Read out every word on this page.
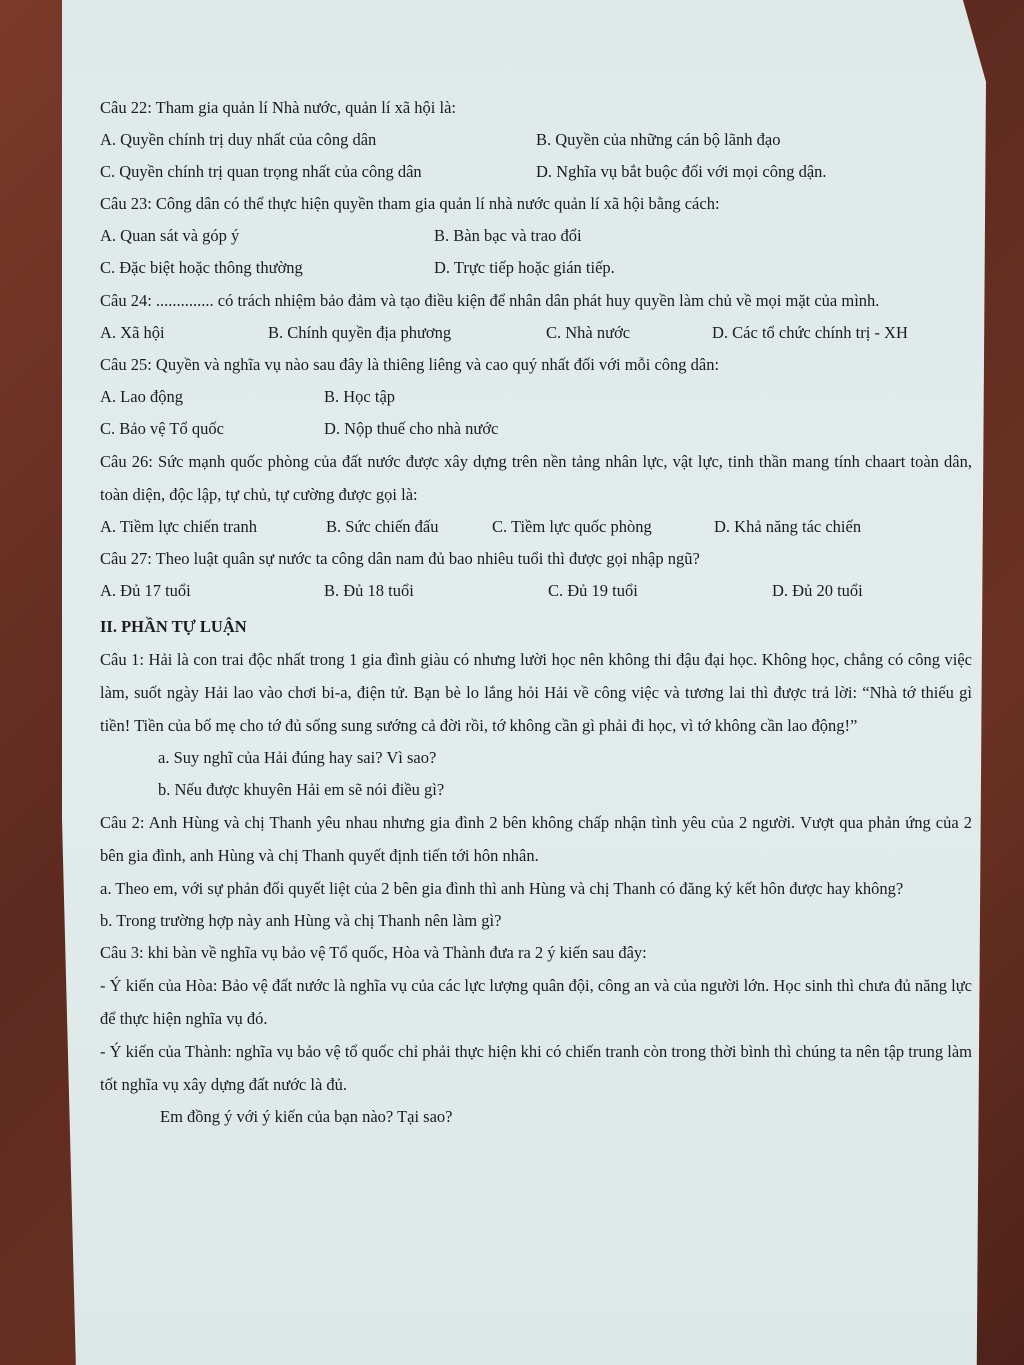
Câu 22: Tham gia quản lí Nhà nước, quản lí xã hội là:

A. Quyền chính trị duy nhất của công dân	B. Quyền của những cán bộ lãnh đạo
C. Quyền chính trị quan trọng nhất của công dân	D. Nghĩa vụ bắt buộc đối với mọi công dận.

Câu 23: Công dân có thể thực hiện quyền tham gia quản lí nhà nước quản lí xã hội bằng cách:

A. Quan sát và góp ý	B. Bàn bạc và trao đổi
C. Đặc biệt hoặc thông thường	D. Trực tiếp hoặc gián tiếp.

Câu 24: .............. có trách nhiệm bảo đảm và tạo điều kiện để nhân dân phát huy quyền làm chủ về mọi mặt của mình.

A. Xã hội	B. Chính quyền địa phương	C. Nhà nước	D. Các tổ chức chính trị - XH

Câu 25: Quyền và nghĩa vụ nào sau đây là thiêng liêng và cao quý nhất đối với mỗi công dân:

A. Lao động	B. Học tập
C. Bảo vệ Tổ quốc	D. Nộp thuế cho nhà nước

Câu 26: Sức mạnh quốc phòng của đất nước được xây dựng trên nền tảng nhân lực, vật lực, tinh thần mang tính chaart toàn dân, toàn diện, độc lập, tự chủ, tự cường được gọi là:

A. Tiềm lực chiến tranh	B. Sức chiến đấu	C. Tiềm lực quốc phòng	D. Khả năng tác chiến

Câu 27: Theo luật quân sự nước ta công dân nam đủ bao nhiêu tuổi thì được gọi nhập ngũ?

A. Đủ 17 tuổi	B. Đủ 18 tuổi	C. Đủ 19 tuổi	D. Đủ 20 tuổi

II. PHẦN TỰ LUẬN

Câu 1: Hải là con trai độc nhất trong 1 gia đình giàu có nhưng lười học nên không thi đậu đại học. Không học, chẳng có công việc làm, suốt ngày Hải lao vào chơi bi-a, điện tử. Bạn bè lo lắng hỏi Hải về công việc và tương lai thì được trả lời: “Nhà tớ thiếu gì tiền! Tiền của bố mẹ cho tớ đủ sống sung sướng cả đời rồi, tớ không cần gì phải đi học, vì tớ không cần lao động!”

a. Suy nghĩ của Hải đúng hay sai? Vì sao?

b. Nếu được khuyên Hải em sẽ nói điều gì?

Câu 2: Anh Hùng và chị Thanh yêu nhau nhưng gia đình 2 bên không chấp nhận tình yêu của 2 người. Vượt qua phản ứng của 2 bên gia đình, anh Hùng và chị Thanh quyết định tiến tới hôn nhân.

a. Theo em, với sự phản đối quyết liệt của 2 bên gia đình thì anh Hùng và chị Thanh có đăng ký kết hôn được hay không?

b. Trong trường hợp này anh Hùng và chị Thanh nên làm gì?

Câu 3: khi bàn về nghĩa vụ bảo vệ Tổ quốc, Hòa và Thành đưa ra 2 ý kiến sau đây:

- Ý kiến của Hòa: Bảo vệ đất nước là nghĩa vụ của các lực lượng quân đội, công an và của người lớn. Học sinh thì chưa đủ năng lực để thực hiện nghĩa vụ đó.

- Ý kiến của Thành: nghĩa vụ bảo vệ tổ quốc chỉ phải thực hiện khi có chiến tranh còn trong thời bình thì chúng ta nên tập trung làm tốt nghĩa vụ xây dựng đất nước là đủ.

Em đồng ý với ý kiến của bạn nào? Tại sao?
